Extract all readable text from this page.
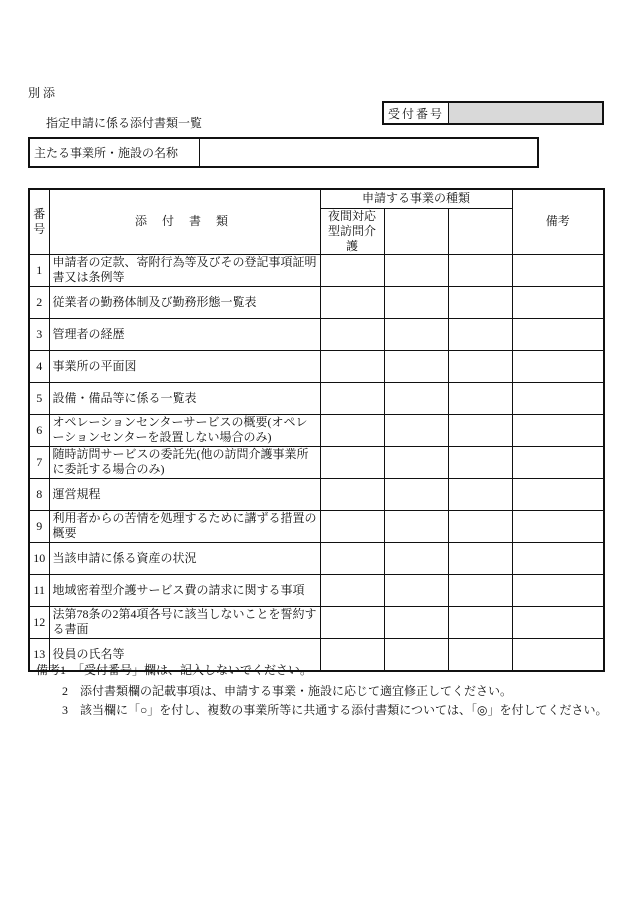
別 添
指定申請に係る添付書類一覧
受付番号
主たる事業所・施設の名称
番号	添 付 書 類	申請する事業の種類			備考
		夜間対応型訪問介護			
1	申請者の定款、寄附行為等及びその登記事項証明書又は条例等				
2	従業者の勤務体制及び勤務形態一覧表				
3	管理者の経歴				
4	事業所の平面図				
5	設備・備品等に係る一覧表				
6	オペレーションセンターサービスの概要(オペレーションセンターを設置しない場合のみ)				
7	随時訪問サービスの委託先(他の訪問介護事業所に委託する場合のみ)				
8	運営規程				
9	利用者からの苦情を処理するために講ずる措置の概要				
10	当該申請に係る資産の状況				
11	地域密着型介護サービス費の請求に関する事項				
12	法第78条の2第4項各号に該当しないことを誓約する書面				
13	役員の氏名等				
備考1　「受付番号」欄は、記入しないでください。
2　添付書類欄の記載事項は、申請する事業・施設に応じて適宜修正してください。
3　該当欄に「○」を付し、複数の事業所等に共通する添付書類については、「◎」を付してください。
